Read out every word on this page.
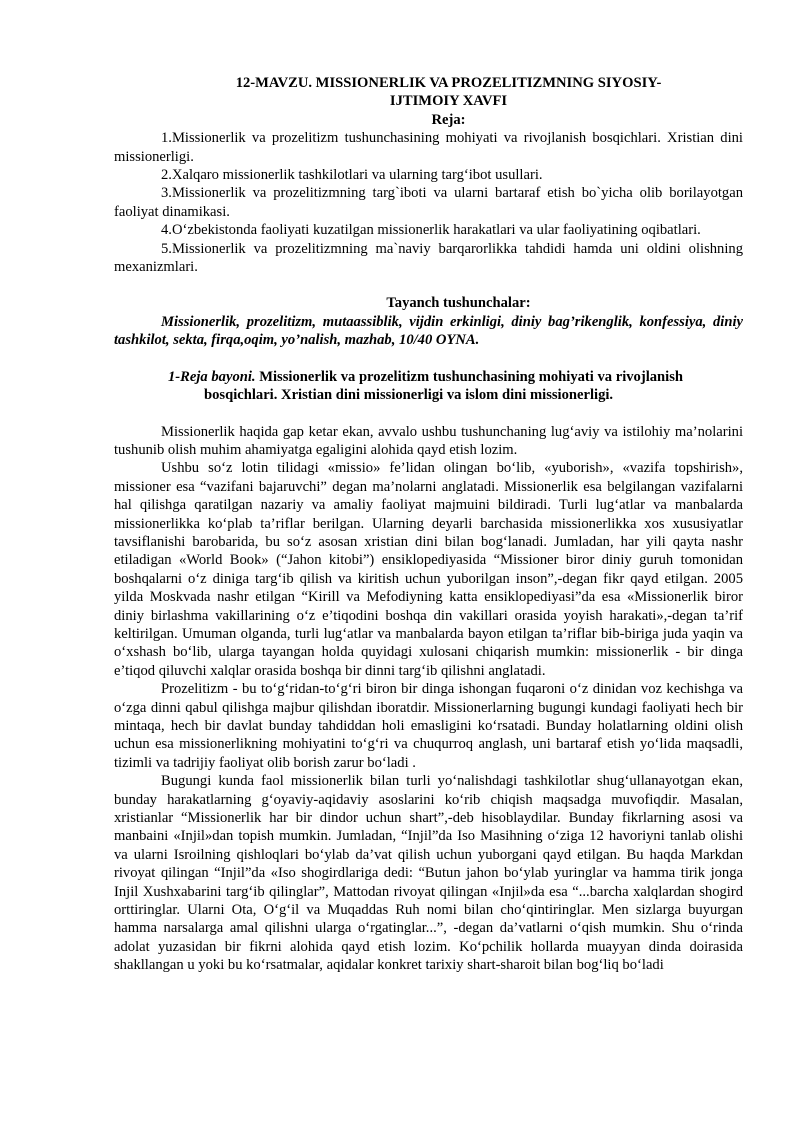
12-MAVZU. MISSIONERLIK VA PROZELITIZMNING SIYOSIY-
IJTIMOIY XAVFI
Reja:

1.Missionerlik va prozelitizm tushunchasining mohiyati va rivojlanish bosqichlari. Xristian dini missionerligi.

2.Xalqaro missionerlik tashkilotlari va ularning targ‘ibot usullari.

3.Missionerlik va prozelitizmning targ`iboti va ularni bartaraf etish bo`yicha olib borilayotgan faoliyat dinamikasi.

4.O‘zbekistonda faoliyati kuzatilgan missionerlik harakatlari va ular faoliyatining oqibatlari.

5.Missionerlik va prozelitizmning ma`naviy barqarorlikka tahdidi hamda uni oldini olishning mexanizmlari.

Tayanch tushunchalar:

Missionerlik, prozelitizm, mutaassiblik, vijdin erkinligi, diniy bag’rikenglik, konfessiya, diniy tashkilot, sekta, firqa,oqim, yo’nalish, mazhab, 10/40 OYNA.

1-Reja bayoni. Missionerlik va prozelitizm tushunchasining mohiyati va rivojlanish
bosqichlari. Xristian dini missionerligi va islom dini missionerligi.

Missionerlik haqida gap ketar ekan, avvalo ushbu tushunchaning lug‘aviy va istilohiy ma’nolarini tushunib olish muhim ahamiyatga egaligini alohida qayd etish lozim.

Ushbu so‘z lotin tilidagi «missio» fe’lidan olingan bo‘lib, «yuborish», «vazifa topshirish», missioner esa “vazifani bajaruvchi” degan ma’nolarni anglatadi. Missionerlik esa belgilangan vazifalarni hal qilishga qaratilgan nazariy va amaliy faoliyat majmuini bildiradi. Turli lug‘atlar va manbalarda missionerlikka ko‘plab ta’riflar berilgan. Ularning deyarli barchasida missionerlikka xos xususiyatlar tavsiflanishi barobarida, bu so‘z asosan xristian dini bilan bog‘lanadi. Jumladan, har yili qayta nashr etiladigan «World Book» (“Jahon kitobi”) ensiklopediyasida “Missioner biror diniy guruh tomonidan boshqalarni o‘z diniga targ‘ib qilish va kiritish uchun yuborilgan inson”,-degan fikr qayd etilgan. 2005 yilda Moskvada nashr etilgan “Kirill va Mefodiyning katta ensiklopediyasi”da esa «Missionerlik biror diniy birlashma vakillarining o‘z e’tiqodini boshqa din vakillari orasida yoyish harakati»,-degan ta’rif keltirilgan. Umuman olganda, turli lug‘atlar va manbalarda bayon etilgan ta’riflar bib-biriga juda yaqin va o‘xshash bo‘lib, ularga tayangan holda quyidagi xulosani chiqarish mumkin: missionerlik - bir dinga e’tiqod qiluvchi xalqlar orasida boshqa bir dinni targ‘ib qilishni anglatadi.

Prozelitizm - bu to‘g‘ridan-to‘g‘ri biron bir dinga ishongan fuqaroni o‘z dinidan voz kechishga va o‘zga dinni qabul qilishga majbur qilishdan iboratdir. Missionerlarning bugungi kundagi faoliyati hech bir mintaqa, hech bir davlat bunday tahdiddan holi emasligini ko‘rsatadi. Bunday holatlarning oldini olish uchun esa missionerlikning mohiyatini to‘g‘ri va chuqurroq anglash, uni bartaraf etish yo‘lida maqsadli, tizimli va tadrijiy faoliyat olib borish zarur bo‘ladi .

Bugungi kunda faol missionerlik bilan turli yo‘nalishdagi tashkilotlar shug‘ullanayotgan ekan, bunday harakatlarning g‘oyaviy-aqidaviy asoslarini ko‘rib chiqish maqsadga muvofiqdir. Masalan, xristianlar “Missionerlik har bir dindor uchun shart”,-deb hisoblaydilar. Bunday fikrlarning asosi va manbaini «Injil»dan topish mumkin. Jumladan, “Injil”da Iso Masihning o‘ziga 12 havoriyni tanlab olishi va ularni Isroilning qishloqlari bo‘ylab da’vat qilish uchun yuborgani qayd etilgan. Bu haqda Markdan rivoyat qilingan “Injil”da «Iso shogirdlariga dedi: “Butun jahon bo‘ylab yuringlar va hamma tirik jonga Injil Xushxabarini targ‘ib qilinglar”, Mattodan rivoyat qilingan «Injil»da esa “...barcha xalqlardan shogird orttiringlar. Ularni Ota, O‘g‘il va Muqaddas Ruh nomi bilan cho‘qintiringlar. Men sizlarga buyurgan hamma narsalarga amal qilishni ularga o‘rgatinglar...”, -degan da’vatlarni o‘qish mumkin. Shu o‘rinda adolat yuzasidan bir fikrni alohida qayd etish lozim. Ko‘pchilik hollarda muayyan dinda doirasida shakllangan u yoki bu ko‘rsatmalar, aqidalar konkret tarixiy shart-sharoit bilan bog‘liq bo‘ladi
